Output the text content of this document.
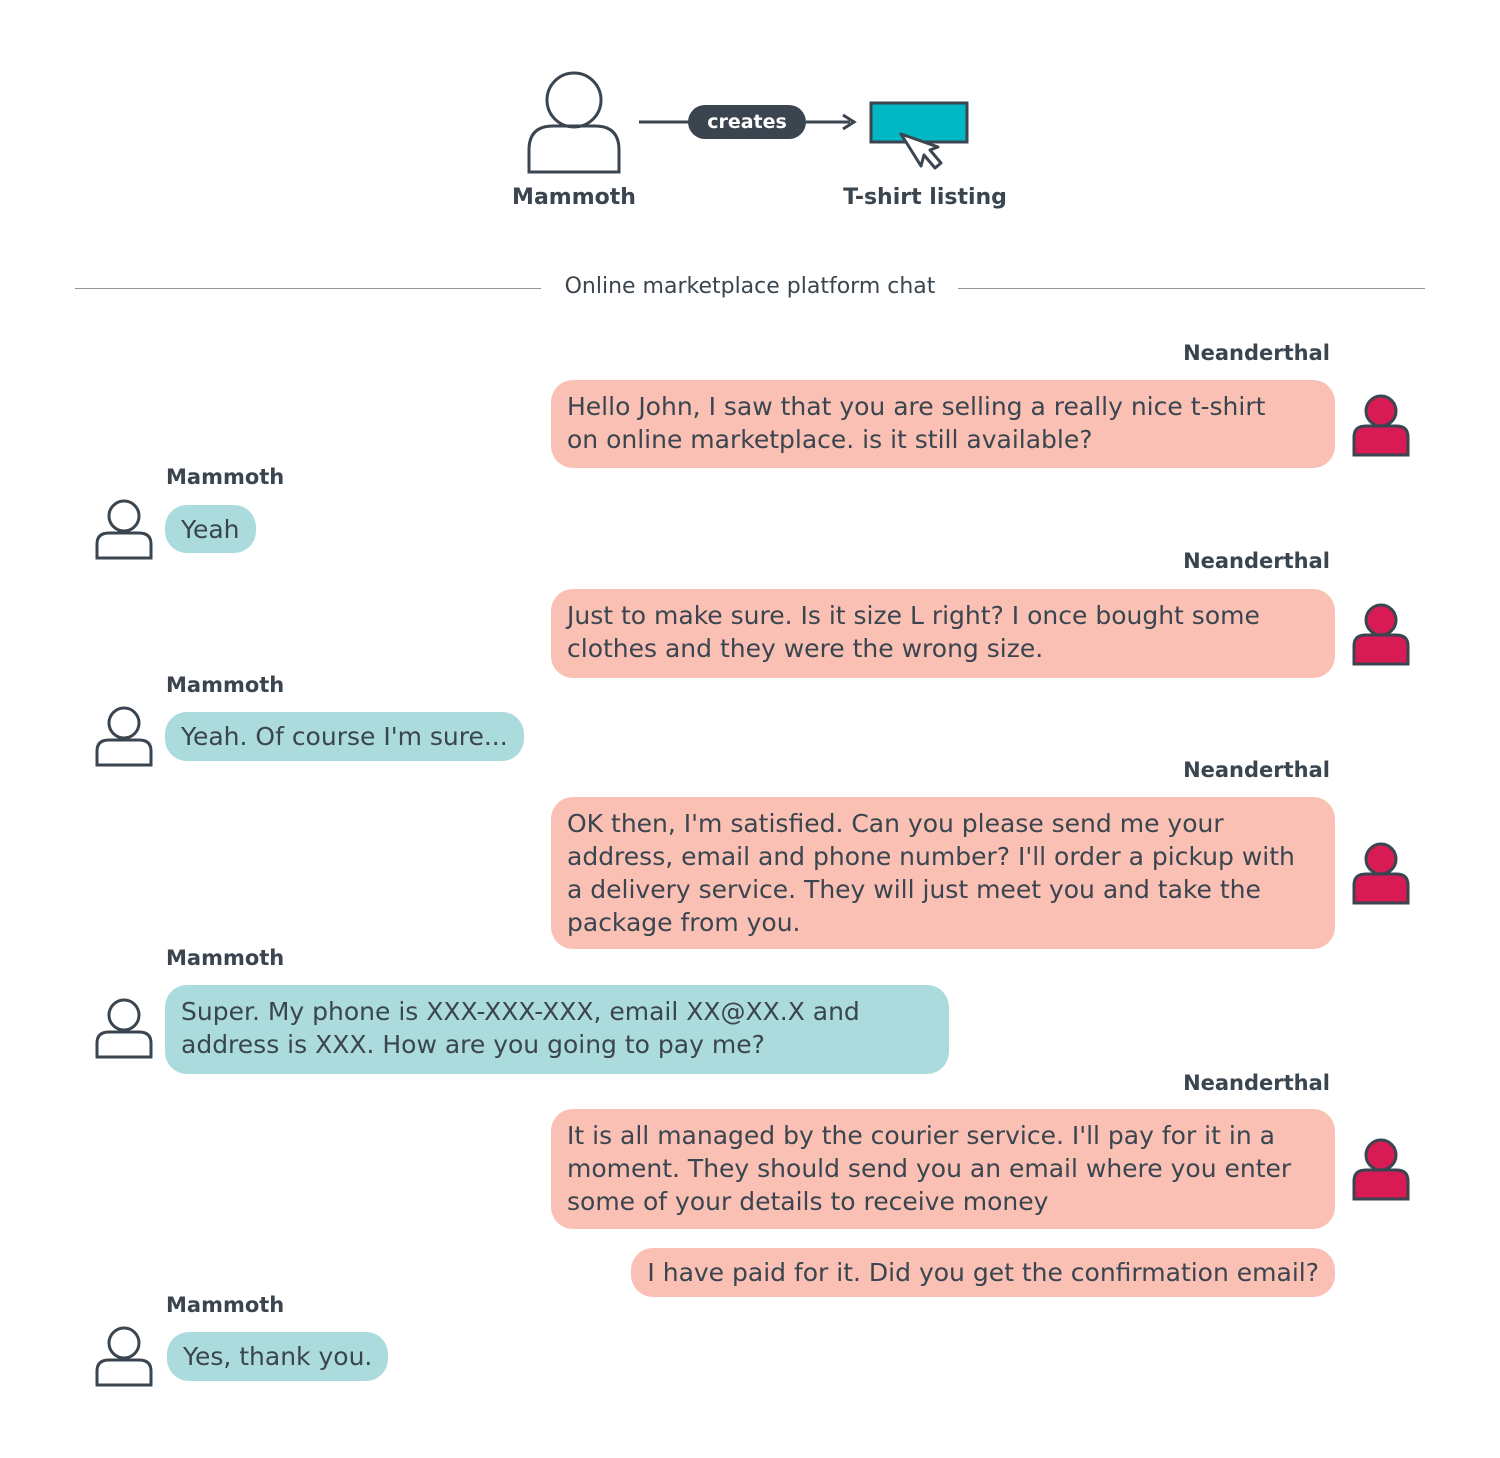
creates
Mammoth	T-shirt listing
Online marketplace platform chat
Neanderthal
Hello John, I saw that you are selling a really nice t-shirt
on online marketplace. is it still available?
Mammoth
Yeah
Neanderthal
Just to make sure. Is it size L right? I once bought some
clothes and they were the wrong size.
Mammoth
Yeah. Of course I'm sure...
Neanderthal
OK then, I'm satisfied. Can you please send me your
address, email and phone number? I'll order a pickup with
a delivery service. They will just meet you and take the
package from you.
Mammoth
Super. My phone is XXX-XXX-XXX, email XX@XX.X and
address is XXX. How are you going to pay me?
Neanderthal
It is all managed by the courier service. I'll pay for it in a
moment. They should send you an email where you enter
some of your details to receive money
I have paid for it. Did you get the confirmation email?
Mammoth
Yes, thank you.
